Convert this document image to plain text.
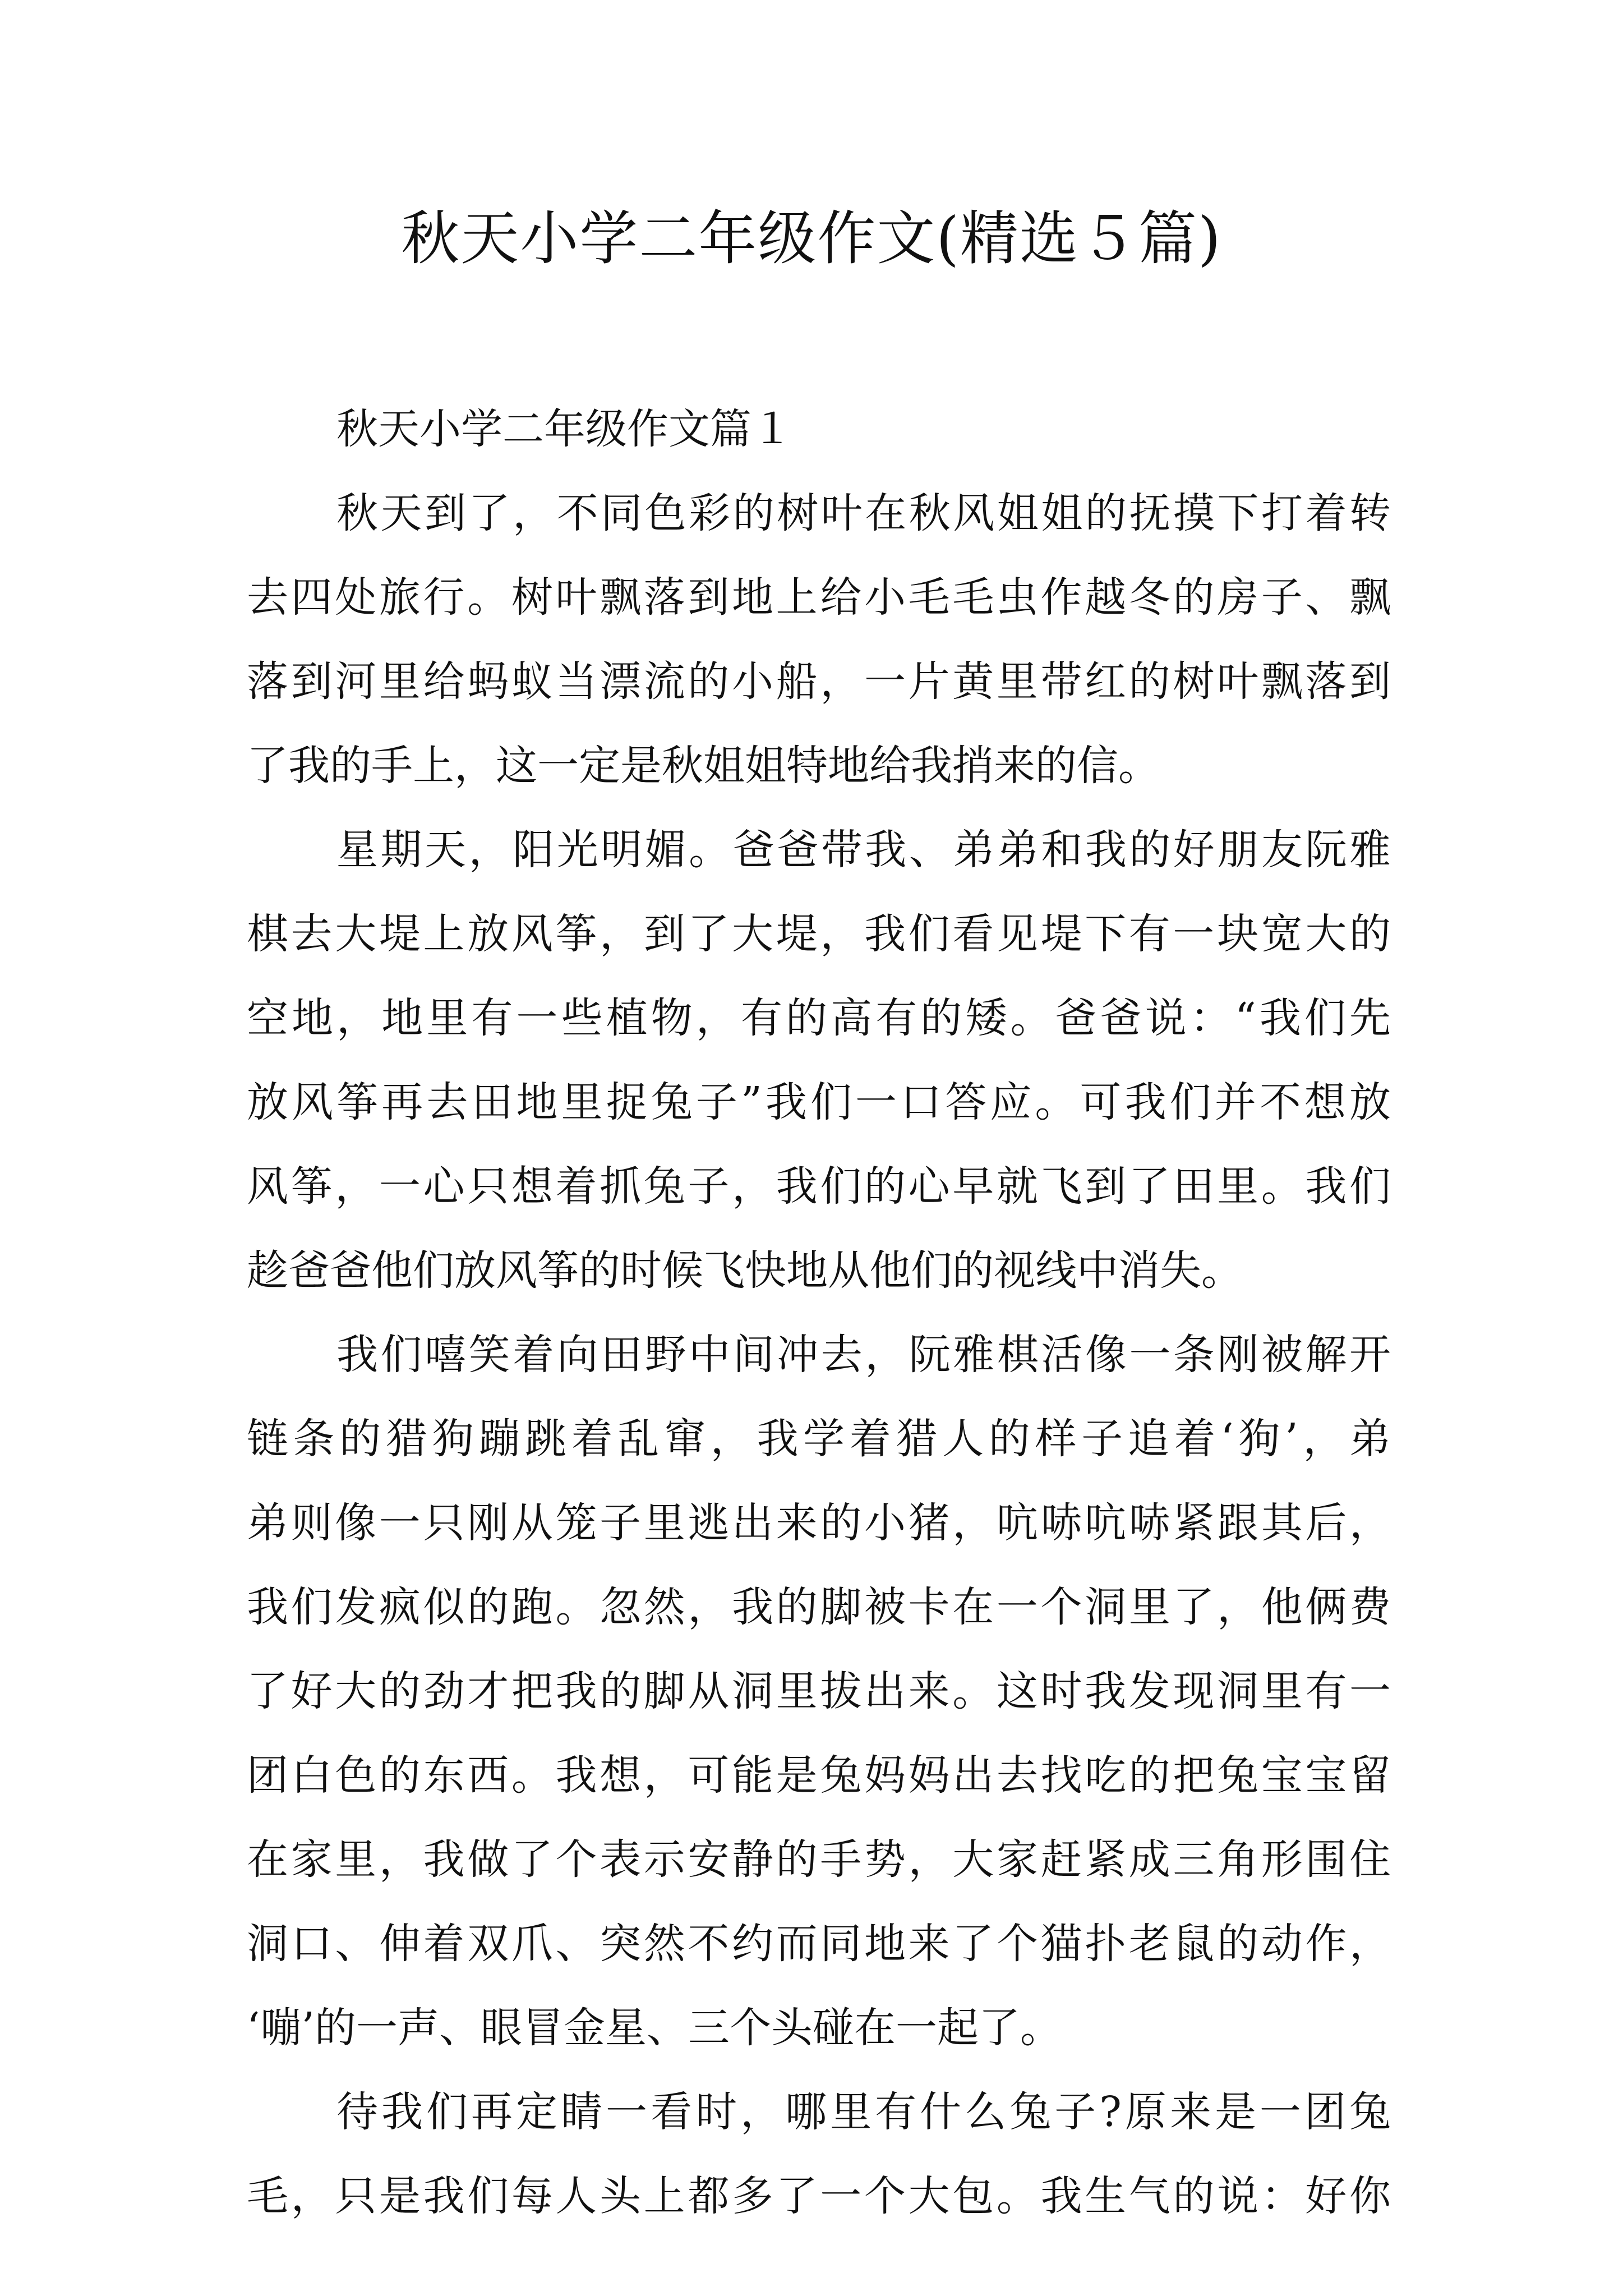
秋天小学二年级作文(精选５篇)

秋天小学二年级作文篇１

秋天到了，不同色彩的树叶在秋风姐姐的抚摸下打着转
去四处旅行。树叶飘落到地上给小毛毛虫作越冬的房子、飘
落到河里给蚂蚁当漂流的小船，一片黄里带红的树叶飘落到
了我的手上，这一定是秋姐姐特地给我捎来的信。
星期天，阳光明媚。爸爸带我、弟弟和我的好朋友阮雅
棋去大堤上放风筝，到了大堤，我们看见堤下有一块宽大的
空地，地里有一些植物，有的高有的矮。爸爸说：“我们先
放风筝再去田地里捉兔子”我们一口答应。可我们并不想放
风筝，一心只想着抓兔子，我们的心早就飞到了田里。我们
趁爸爸他们放风筝的时候飞快地从他们的视线中消失。
我们嘻笑着向田野中间冲去，阮雅棋活像一条刚被解开
链条的猎狗蹦跳着乱窜，我学着猎人的样子追着‘狗’，弟
弟则像一只刚从笼子里逃出来的小猪，吭哧吭哧紧跟其后，
我们发疯似的跑。忽然，我的脚被卡在一个洞里了，他俩费
了好大的劲才把我的脚从洞里拔出来。这时我发现洞里有一
团白色的东西。我想，可能是兔妈妈出去找吃的把兔宝宝留
在家里，我做了个表示安静的手势，大家赶紧成三角形围住
洞口、伸着双爪、突然不约而同地来了个猫扑老鼠的动作，
‘嘣’的一声、眼冒金星、三个头碰在一起了。
待我们再定睛一看时，哪里有什么兔子?原来是一团兔
毛，只是我们每人头上都多了一个大包。我生气的说：好你
